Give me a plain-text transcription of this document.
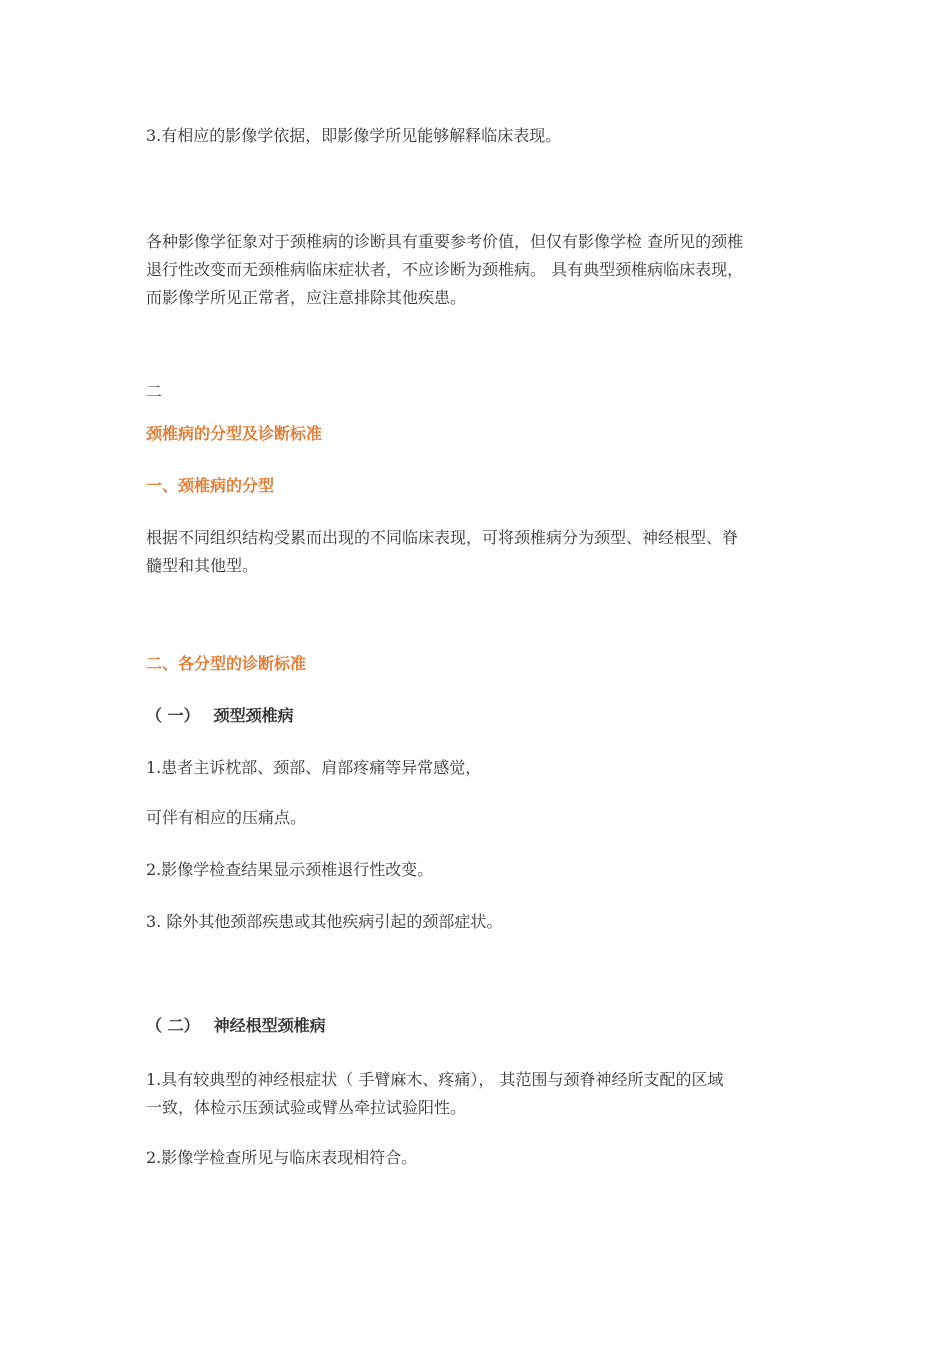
3.有相应的影像学依据，即影像学所见能够解释临床表现。
各种影像学征象对于颈椎病的诊断具有重要参考价值，但仅有影像学检 查所见的颈椎
退行性改变而无颈椎病临床症状者，不应诊断为颈椎病。 具有典型颈椎病临床表现，
而影像学所见正常者，应注意排除其他疾患。
二
颈椎病的分型及诊断标准
一、颈椎病的分型
根据不同组织结构受累而出现的不同临床表现，可将颈椎病分为颈型、神经根型、脊
髓型和其他型。
二、各分型的诊断标准
（ 一） 颈型颈椎病
1.患者主诉枕部、颈部、肩部疼痛等异常感觉，
可伴有相应的压痛点。
2.影像学检查结果显示颈椎退行性改变。
3. 除外其他颈部疾患或其他疾病引起的颈部症状。
（ 二） 神经根型颈椎病
1.具有较典型的神经根症状（ 手臂麻木、疼痛）， 其范围与颈脊神经所支配的区域
一致，体检示压颈试验或臂丛牵拉试验阳性。
2.影像学检查所见与临床表现相符合。
